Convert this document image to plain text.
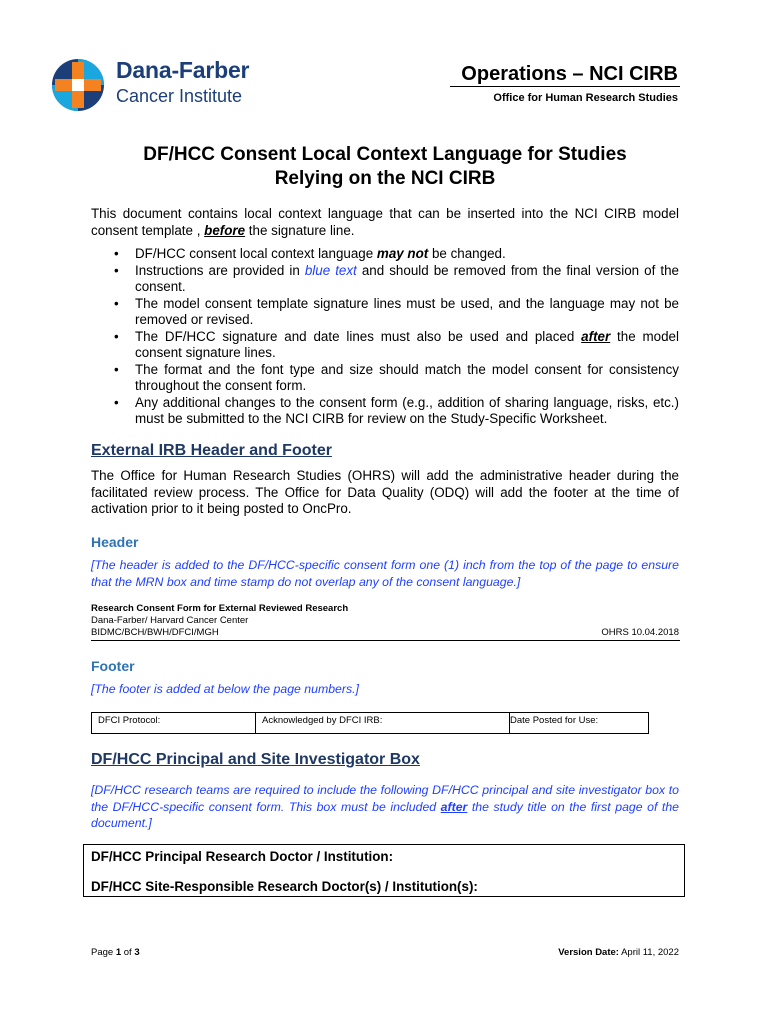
Dana-Farber
Cancer Institute
Operations – NCI CIRB
Office for Human Research Studies
DF/HCC Consent Local Context Language for Studies
Relying on the NCI CIRB
This document contains local context language that can be inserted into the NCI CIRB model consent template , before the signature line.
• DF/HCC consent local context language may not be changed.
• Instructions are provided in blue text and should be removed from the final version of the consent.
• The model consent template signature lines must be used, and the language may not be removed or revised.
• The DF/HCC signature and date lines must also be used and placed after the model consent signature lines.
• The format and the font type and size should match the model consent for consistency throughout the consent form.
• Any additional changes to the consent form (e.g., addition of sharing language, risks, etc.) must be submitted to the NCI CIRB for review on the Study-Specific Worksheet.
External IRB Header and Footer
The Office for Human Research Studies (OHRS) will add the administrative header during the facilitated review process. The Office for Data Quality (ODQ) will add the footer at the time of activation prior to it being posted to OncPro.
Header
[The header is added to the DF/HCC-specific consent form one (1) inch from the top of the page to ensure that the MRN box and time stamp do not overlap any of the consent language.]
Research Consent Form for External Reviewed Research
Dana-Farber/ Harvard Cancer Center
BIDMC/BCH/BWH/DFCI/MGH	OHRS 10.04.2018
Footer
[The footer is added at below the page numbers.]
DFCI Protocol:	Acknowledged by DFCI IRB:	Date Posted for Use:
DF/HCC Principal and Site Investigator Box
[DF/HCC research teams are required to include the following DF/HCC principal and site investigator box to the DF/HCC-specific consent form. This box must be included after the study title on the first page of the document.]
DF/HCC Principal Research Doctor / Institution:
DF/HCC Site-Responsible Research Doctor(s) / Institution(s):
Page 1 of 3	Version Date: April 11, 2022
